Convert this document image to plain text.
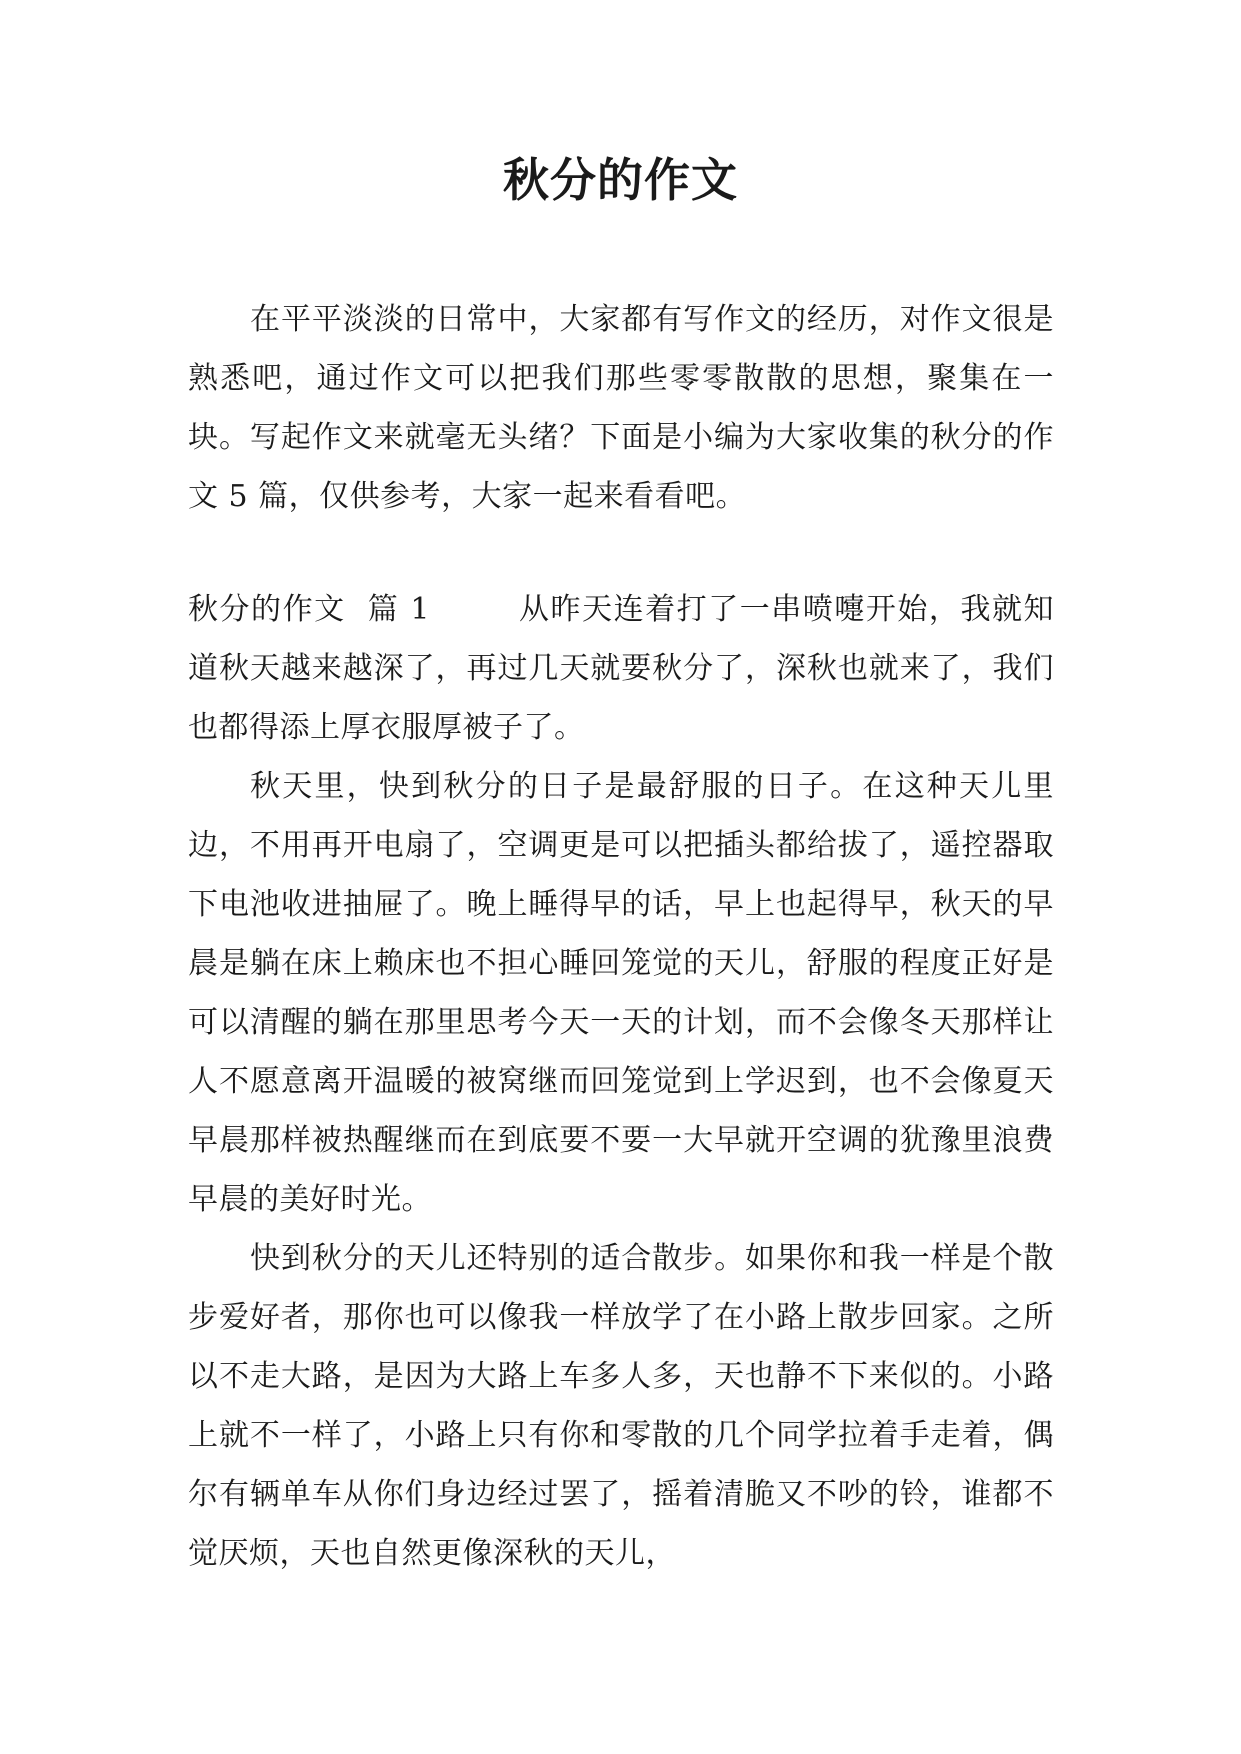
秋分的作文

在平平淡淡的日常中，大家都有写作文的经历，对作文很是熟悉吧，通过作文可以把我们那些零零散散的思想，聚集在一块。写起作文来就毫无头绪？下面是小编为大家收集的秋分的作文 5 篇，仅供参考，大家一起来看看吧。

秋分的作文  篇 1	从昨天连着打了一串喷嚏开始，我就知道秋天越来越深了，再过几天就要秋分了，深秋也就来了，我们也都得添上厚衣服厚被子了。

秋天里，快到秋分的日子是最舒服的日子。在这种天儿里边，不用再开电扇了，空调更是可以把插头都给拔了，遥控器取下电池收进抽屉了。晚上睡得早的话，早上也起得早，秋天的早晨是躺在床上赖床也不担心睡回笼觉的天儿，舒服的程度正好是可以清醒的躺在那里思考今天一天的计划，而不会像冬天那样让人不愿意离开温暖的被窝继而回笼觉到上学迟到，也不会像夏天早晨那样被热醒继而在到底要不要一大早就开空调的犹豫里浪费早晨的美好时光。

快到秋分的天儿还特别的适合散步。如果你和我一样是个散步爱好者，那你也可以像我一样放学了在小路上散步回家。之所以不走大路，是因为大路上车多人多，天也静不下来似的。小路上就不一样了，小路上只有你和零散的几个同学拉着手走着，偶尔有辆单车从你们身边经过罢了，摇着清脆又不吵的铃，谁都不觉厌烦，天也自然更像深秋的天儿，
